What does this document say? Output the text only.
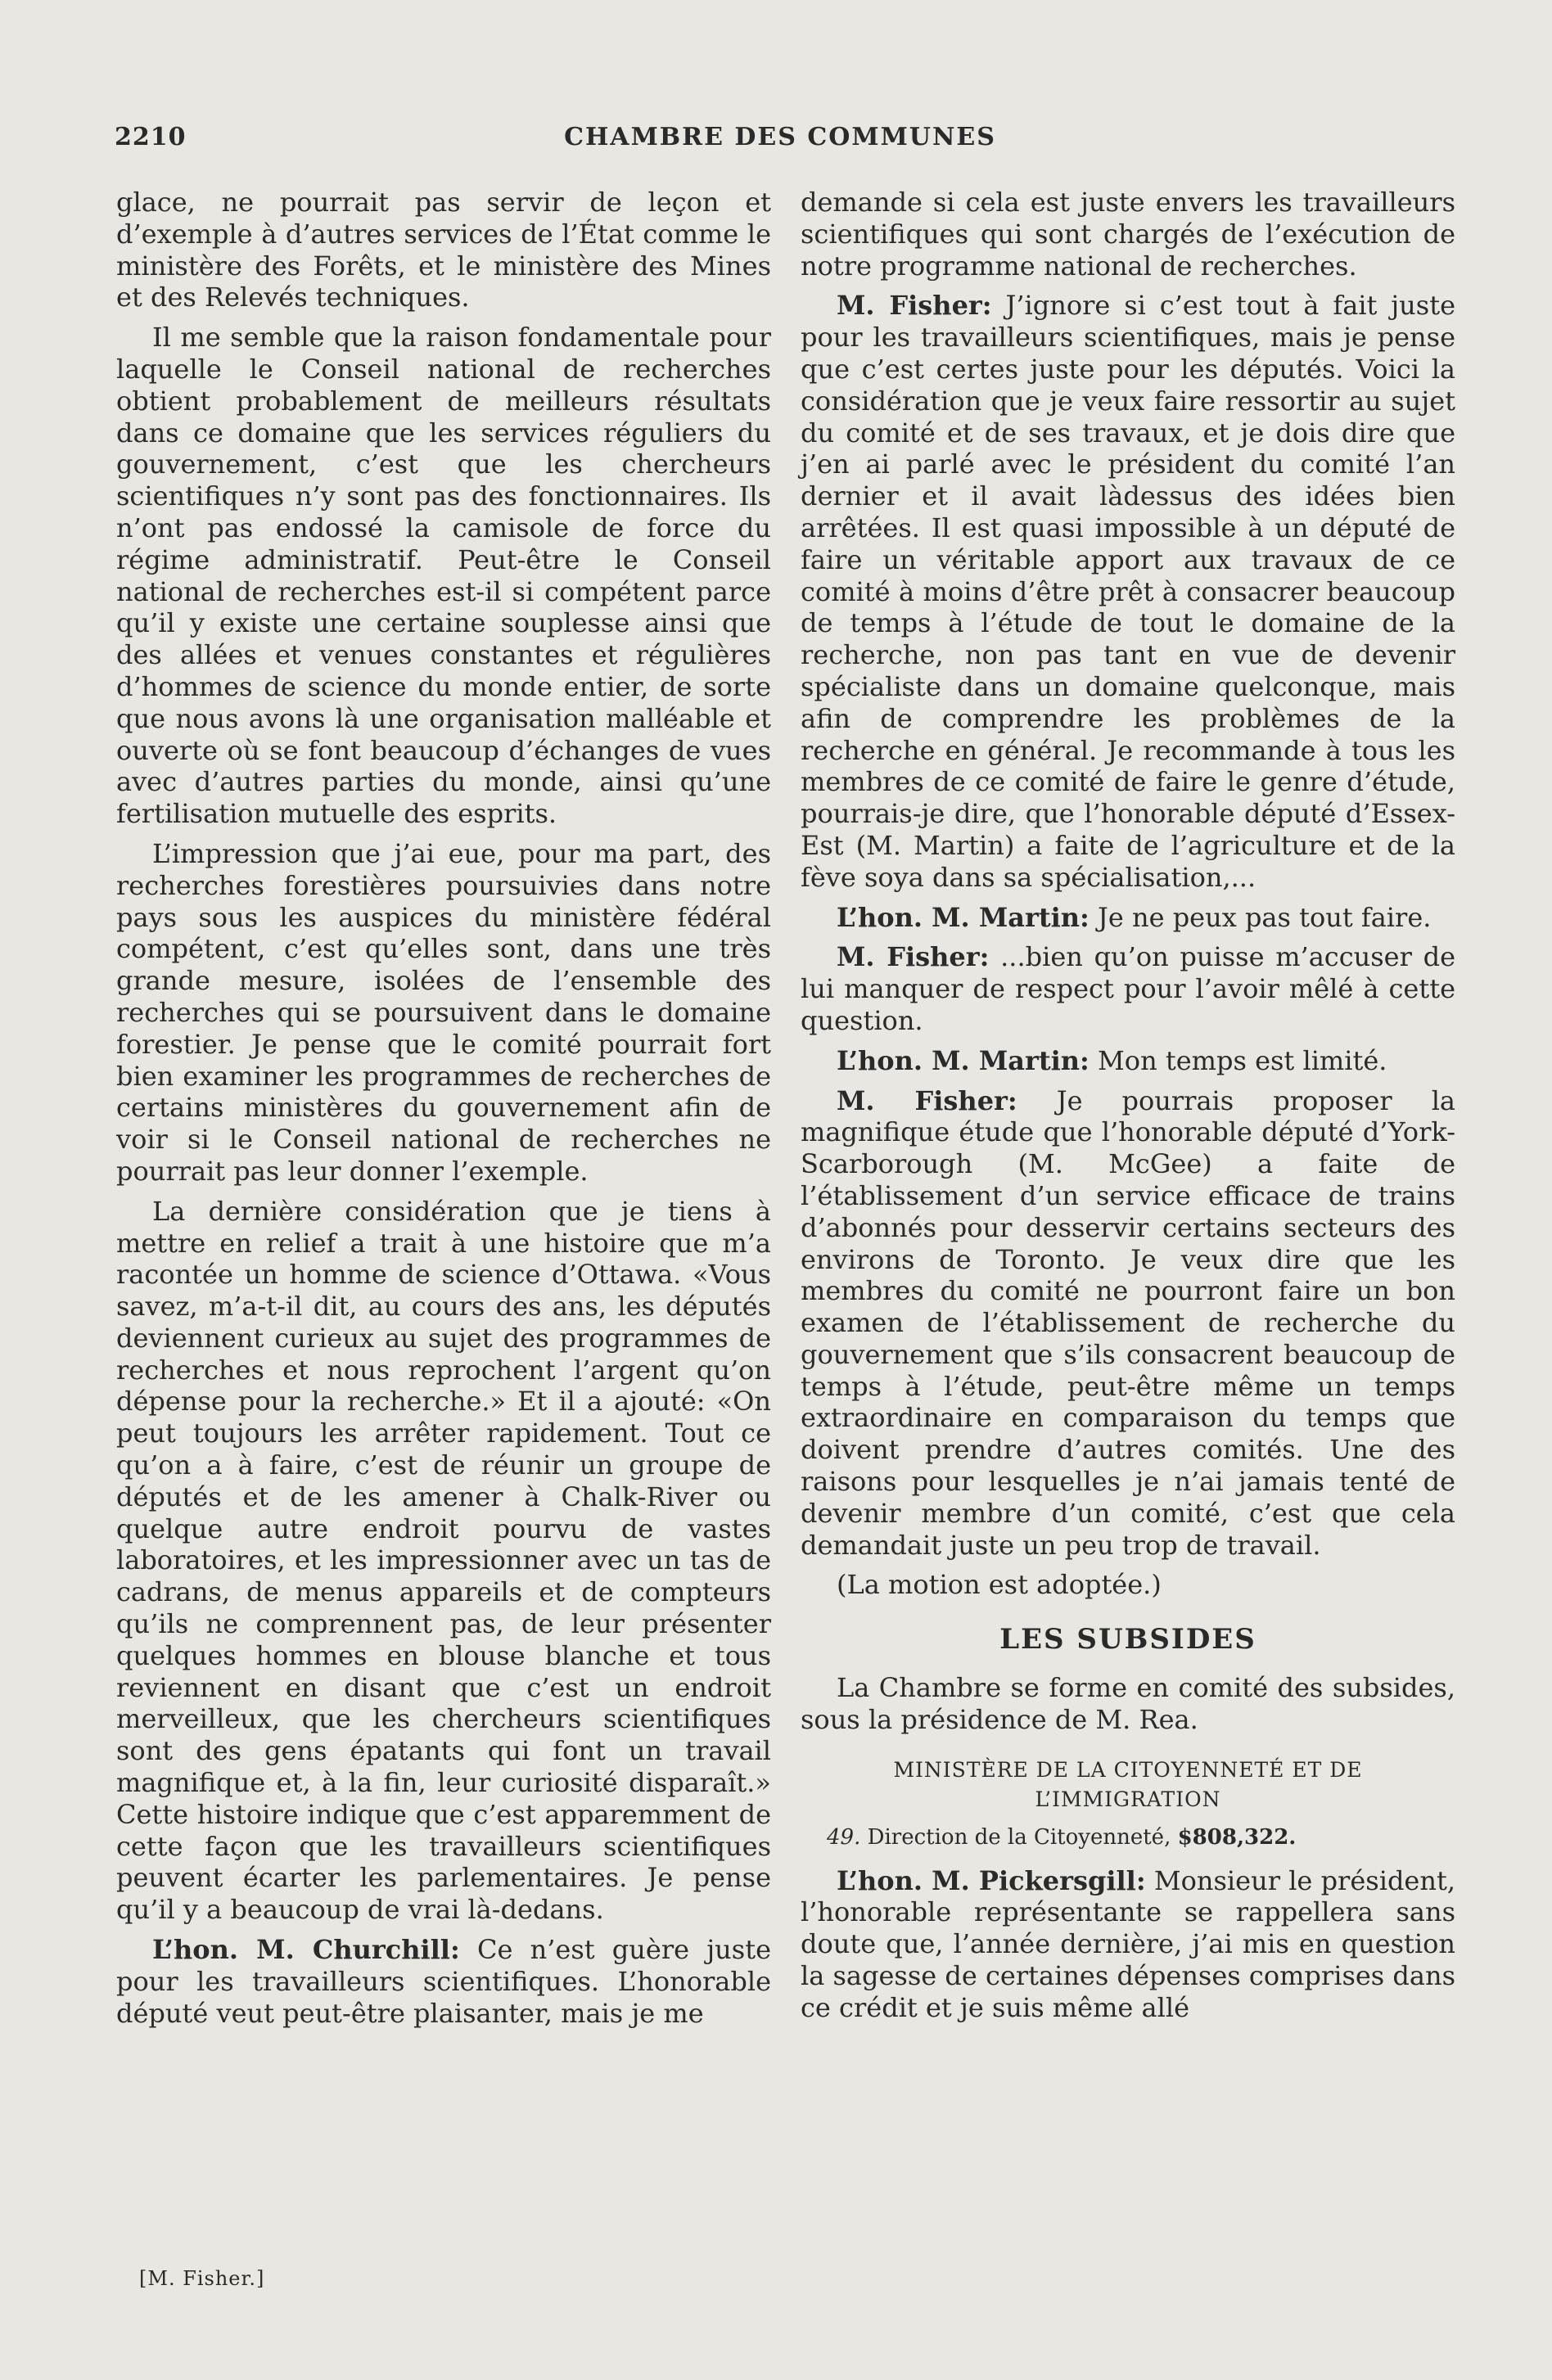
2210	CHAMBRE DES COMMUNES

glace, ne pourrait pas servir de leçon et d’exemple à d’autres services de l’État comme le ministère des Forêts, et le ministère des Mines et des Relevés techniques.

Il me semble que la raison fondamentale pour laquelle le Conseil national de recherches obtient probablement de meilleurs résultats dans ce domaine que les services réguliers du gouvernement, c’est que les chercheurs scientifiques n’y sont pas des fonctionnaires. Ils n’ont pas endossé la camisole de force du régime administratif. Peut-être le Conseil national de recherches est-il si compétent parce qu’il y existe une certaine souplesse ainsi que des allées et venues constantes et régulières d’hommes de science du monde entier, de sorte que nous avons là une organisation malléable et ouverte où se font beaucoup d’échanges de vues avec d’autres parties du monde, ainsi qu’une fertilisation mutuelle des esprits.

L’impression que j’ai eue, pour ma part, des recherches forestières poursuivies dans notre pays sous les auspices du ministère fédéral compétent, c’est qu’elles sont, dans une très grande mesure, isolées de l’ensemble des recherches qui se poursuivent dans le domaine forestier. Je pense que le comité pourrait fort bien examiner les programmes de recherches de certains ministères du gouvernement afin de voir si le Conseil national de recherches ne pourrait pas leur donner l’exemple.

La dernière considération que je tiens à mettre en relief a trait à une histoire que m’a racontée un homme de science d’Ottawa. «Vous savez, m’a-t-il dit, au cours des ans, les députés deviennent curieux au sujet des programmes de recherches et nous reprochent l’argent qu’on dépense pour la recherche.» Et il a ajouté: «On peut toujours les arrêter rapidement. Tout ce qu’on a à faire, c’est de réunir un groupe de députés et de les amener à Chalk-River ou quelque autre endroit pourvu de vastes laboratoires, et les impressionner avec un tas de cadrans, de menus appareils et de compteurs qu’ils ne comprennent pas, de leur présenter quelques hommes en blouse blanche et tous reviennent en disant que c’est un endroit merveilleux, que les chercheurs scientifiques sont des gens épatants qui font un travail magnifique et, à la fin, leur curiosité disparaît.» Cette histoire indique que c’est apparemment de cette façon que les travailleurs scientifiques peuvent écarter les parlementaires. Je pense qu’il y a beaucoup de vrai là-dedans.

L’hon. M. Churchill: Ce n’est guère juste pour les travailleurs scientifiques. L’honorable député veut peut-être plaisanter, mais je me

demande si cela est juste envers les travailleurs scientifiques qui sont chargés de l’exécution de notre programme national de recherches.

M. Fisher: J’ignore si c’est tout à fait juste pour les travailleurs scientifiques, mais je pense que c’est certes juste pour les députés. Voici la considération que je veux faire ressortir au sujet du comité et de ses travaux, et je dois dire que j’en ai parlé avec le président du comité l’an dernier et il avait làdessus des idées bien arrêtées. Il est quasi impossible à un député de faire un véritable apport aux travaux de ce comité à moins d’être prêt à consacrer beaucoup de temps à l’étude de tout le domaine de la recherche, non pas tant en vue de devenir spécialiste dans un domaine quelconque, mais afin de comprendre les problèmes de la recherche en général. Je recommande à tous les membres de ce comité de faire le genre d’étude, pourrais-je dire, que l’honorable député d’Essex-Est (M. Martin) a faite de l’agriculture et de la fève soya dans sa spécialisation,...

L’hon. M. Martin: Je ne peux pas tout faire.

M. Fisher: ...bien qu’on puisse m’accuser de lui manquer de respect pour l’avoir mêlé à cette question.

L’hon. M. Martin: Mon temps est limité.

M. Fisher: Je pourrais proposer la magnifique étude que l’honorable député d’York-Scarborough (M. McGee) a faite de l’établissement d’un service efficace de trains d’abonnés pour desservir certains secteurs des environs de Toronto. Je veux dire que les membres du comité ne pourront faire un bon examen de l’établissement de recherche du gouvernement que s’ils consacrent beaucoup de temps à l’étude, peut-être même un temps extraordinaire en comparaison du temps que doivent prendre d’autres comités. Une des raisons pour lesquelles je n’ai jamais tenté de devenir membre d’un comité, c’est que cela demandait juste un peu trop de travail.

(La motion est adoptée.)

LES SUBSIDES

La Chambre se forme en comité des subsides, sous la présidence de M. Rea.

MINISTÈRE DE LA CITOYENNETÉ ET DE
L’IMMIGRATION

49. Direction de la Citoyenneté, $808,322.

L’hon. M. Pickersgill: Monsieur le président, l’honorable représentante se rappellera sans doute que, l’année dernière, j’ai mis en question la sagesse de certaines dépenses comprises dans ce crédit et je suis même allé

[M. Fisher.]
